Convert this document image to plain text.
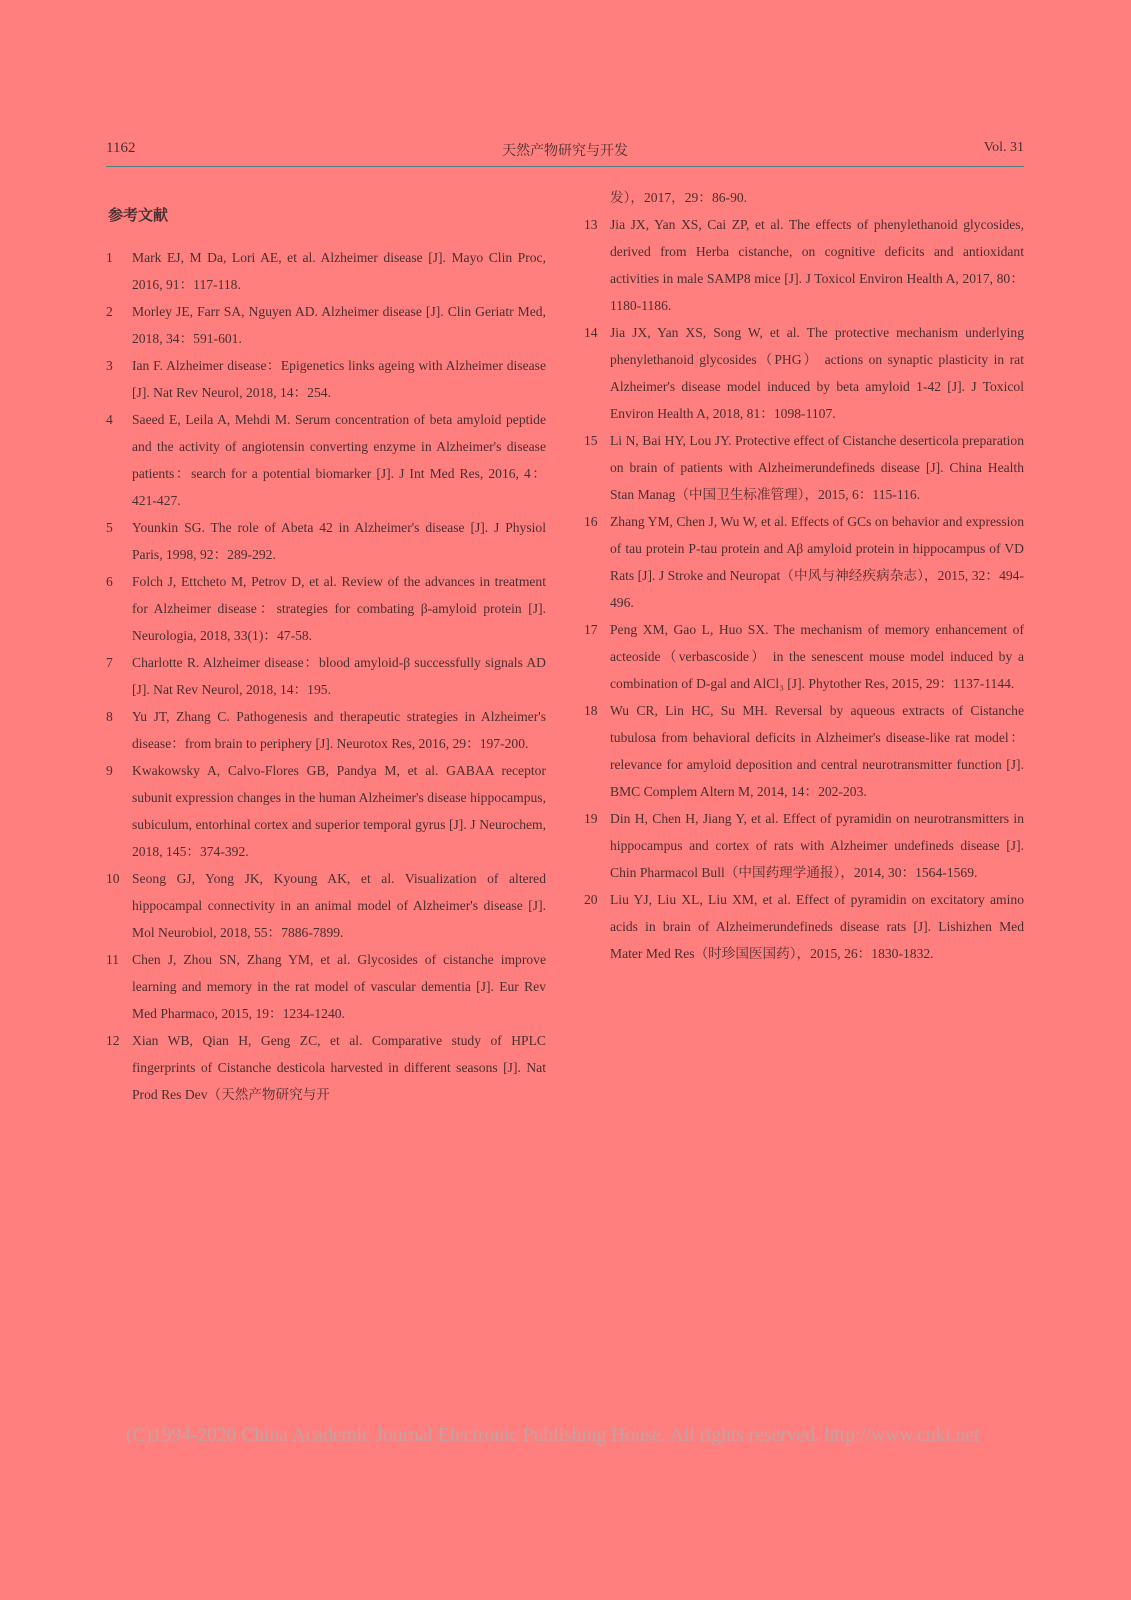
1162	天然产物研究与开发	Vol. 31
参考文献
1 Mark EJ, M Da, Lori AE, et al. Alzheimer disease [J]. Mayo Clin Proc, 2016, 91：117-118.
2 Morley JE, Farr SA, Nguyen AD. Alzheimer disease [J]. Clin Geriatr Med, 2018, 34：591-601.
3 Ian F. Alzheimer disease：Epigenetics links ageing with Alzheimer disease [J]. Nat Rev Neurol, 2018, 14：254.
4 Saeed E, Leila A, Mehdi M. Serum concentration of beta amyloid peptide and the activity of angiotensin converting enzyme in Alzheimer's disease patients：search for a potential biomarker [J]. J Int Med Res, 2016, 4：421-427.
5 Younkin SG. The role of Abeta 42 in Alzheimer's disease [J]. J Physiol Paris, 1998, 92：289-292.
6 Folch J, Ettcheto M, Petrov D, et al. Review of the advances in treatment for Alzheimer disease：strategies for combating β-amyloid protein [J]. Neurologia, 2018, 33(1)：47-58.
7 Charlotte R. Alzheimer disease：blood amyloid-β successfully signals AD [J]. Nat Rev Neurol, 2018, 14：195.
8 Yu JT, Zhang C. Pathogenesis and therapeutic strategies in Alzheimer's disease：from brain to periphery [J]. Neurotox Res, 2016, 29：197-200.
9 Kwakowsky A, Calvo-Flores GB, Pandya M, et al. GABAA receptor subunit expression changes in the human Alzheimer's disease hippocampus, subiculum, entorhinal cortex and superior temporal gyrus [J]. J Neurochem, 2018, 145：374-392.
10 Seong GJ, Yong JK, Kyoung AK, et al. Visualization of altered hippocampal connectivity in an animal model of Alzheimer's disease [J]. Mol Neurobiol, 2018, 55：7886-7899.
11 Chen J, Zhou SN, Zhang YM, et al. Glycosides of cistanche improve learning and memory in the rat model of vascular dementia [J]. Eur Rev Med Pharmaco, 2015, 19：1234-1240.
12 Xian WB, Qian H, Geng ZC, et al. Comparative study of HPLC fingerprints of Cistanche desticola harvested in different seasons [J]. Nat Prod Res Dev（天然产物研究与开
发），2017，29：86-90.
13 Jia JX, Yan XS, Cai ZP, et al. The effects of phenylethanoid glycosides, derived from Herba cistanche, on cognitive deficits and antioxidant activities in male SAMP8 mice [J]. J Toxicol Environ Health A, 2017, 80：1180-1186.
14 Jia JX, Yan XS, Song W, et al. The protective mechanism underlying phenylethanoid glycosides（PHG） actions on synaptic plasticity in rat Alzheimer's disease model induced by beta amyloid 1-42 [J]. J Toxicol Environ Health A, 2018, 81：1098-1107.
15 Li N, Bai HY, Lou JY. Protective effect of Cistanche deserticola preparation on brain of patients with Alzheimerundefineds disease [J]. China Health Stan Manag（中国卫生标准管理），2015, 6：115-116.
16 Zhang YM, Chen J, Wu W, et al. Effects of GCs on behavior and expression of tau protein P-tau protein and Aβ amyloid protein in hippocampus of VD Rats [J]. J Stroke and Neuropat（中风与神经疾病杂志），2015, 32：494-496.
17 Peng XM, Gao L, Huo SX. The mechanism of memory enhancement of acteoside（verbascoside） in the senescent mouse model induced by a combination of D-gal and AlCl₃ [J]. Phytother Res, 2015, 29：1137-1144.
18 Wu CR, Lin HC, Su MH. Reversal by aqueous extracts of Cistanche tubulosa from behavioral deficits in Alzheimer's disease-like rat model：relevance for amyloid deposition and central neurotransmitter function [J]. BMC Complem Altern M, 2014, 14：202-203.
19 Din H, Chen H, Jiang Y, et al. Effect of pyramidin on neurotransmitters in hippocampus and cortex of rats with Alzheimer undefineds disease [J]. Chin Pharmacol Bull（中国药理学通报），2014, 30：1564-1569.
20 Liu YJ, Liu XL, Liu XM, et al. Effect of pyramidin on excitatory amino acids in brain of Alzheimerundefineds disease rats [J]. Lishizhen Med Mater Med Res（时珍国医国药），2015, 26：1830-1832.
(C)1994-2020 China Academic Journal Electronic Publishing House. All rights reserved. http://www.cnki.net
